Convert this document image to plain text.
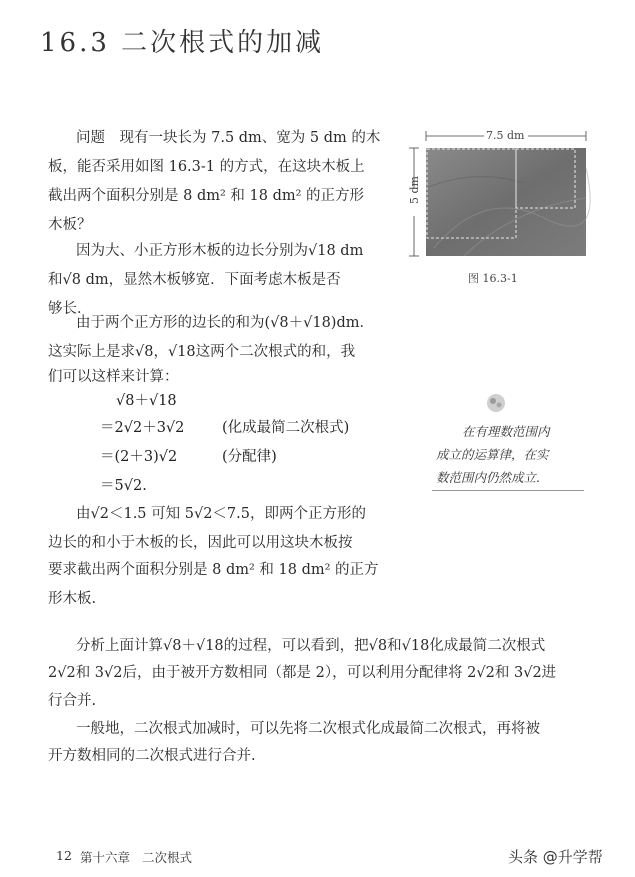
16.3 二次根式的加减
问题　现有一块长为 7.5 dm、宽为 5 dm 的木
板，能否采用如图 16.3-1 的方式，在这块木板上
截出两个面积分别是 8 dm² 和 18 dm² 的正方形
木板？
因为大、小正方形木板的边长分别为√18 dm
和√8 dm，显然木板够宽．下面考虑木板是否
够长．
由于两个正方形的边长的和为(√8＋√18)dm．
这实际上是求√8，√18这两个二次根式的和，我
们可以这样来计算：
√8＋√18
＝2√2＋3√2
＝(2＋3)√2
＝5√2.
(化成最简二次根式)
(分配律)
由√2＜1.5 可知 5√2＜7.5，即两个正方形的
边长的和小于木板的长，因此可以用这块木板按
要求截出两个面积分别是 8 dm² 和 18 dm² 的正方
形木板.
分析上面计算√8＋√18的过程，可以看到，把√8和√18化成最简二次根式
2√2和 3√2后，由于被开方数相同（都是 2），可以利用分配律将 2√2和 3√2进
行合并.
一般地，二次根式加减时，可以先将二次根式化成最简二次根式，再将被
开方数相同的二次根式进行合并.
7.5 dm
5 dm
图 16.3-1
在有理数范围内
成立的运算律，在实
数范围内仍然成立.
12 第十六章 二次根式	头条 @升学帮
